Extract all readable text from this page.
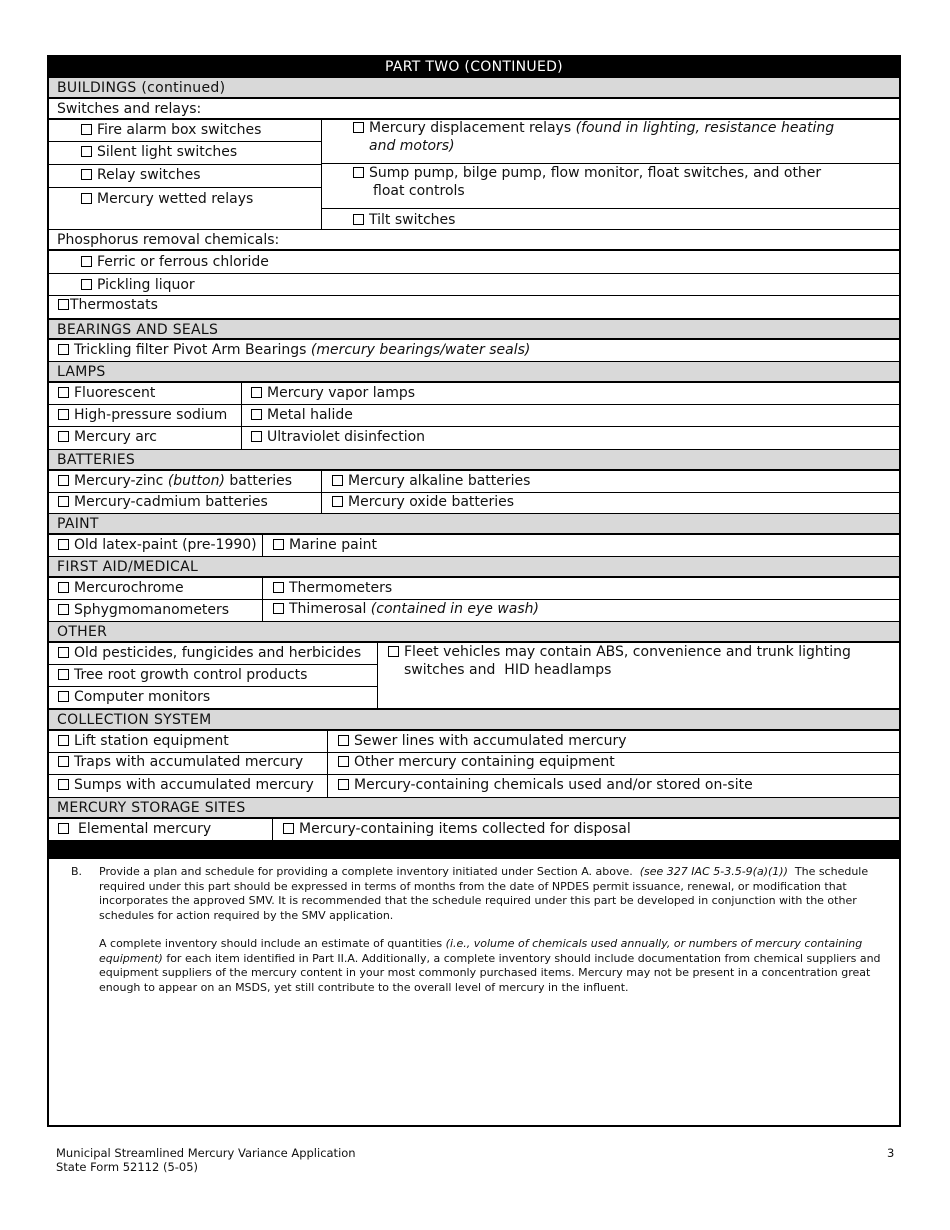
PART TWO (CONTINUED)
BUILDINGS (continued)
Switches and relays:
Fire alarm box switches
Silent light switches
Relay switches
Mercury wetted relays
Mercury displacement relays (found in lighting, resistance heating
and motors)
Sump pump, bilge pump, flow monitor, float switches, and other
float controls
Tilt switches
Phosphorus removal chemicals:
Ferric or ferrous chloride
Pickling liquor
Thermostats
BEARINGS AND SEALS
Trickling filter Pivot Arm Bearings (mercury bearings/water seals)
LAMPS
Fluorescent
High-pressure sodium
Mercury arc
Mercury vapor lamps
Metal halide
Ultraviolet disinfection
BATTERIES
Mercury-zinc (button) batteries
Mercury-cadmium batteries
Mercury alkaline batteries
Mercury oxide batteries
PAINT
Old latex-paint (pre-1990)	Marine paint
FIRST AID/MEDICAL
Mercurochrome
Sphygmomanometers
Thermometers
Thimerosal (contained in eye wash)
OTHER
Old pesticides, fungicides and herbicides
Tree root growth control products
Computer monitors
Fleet vehicles may contain ABS, convenience and trunk lighting
switches and  HID headlamps
COLLECTION SYSTEM
Lift station equipment
Traps with accumulated mercury
Sumps with accumulated mercury
Sewer lines with accumulated mercury
Other mercury containing equipment
Mercury-containing chemicals used and/or stored on-site
MERCURY STORAGE SITES
Elemental mercury	Mercury-containing items collected for disposal
B. Provide a plan and schedule for providing a complete inventory initiated under Section A. above. (see 327 IAC 5-3.5-9(a)(1)) The schedule required under this part should be expressed in terms of months from the date of NPDES permit issuance, renewal, or modification that incorporates the approved SMV. It is recommended that the schedule required under this part be developed in conjunction with the other schedules for action required by the SMV application.

A complete inventory should include an estimate of quantities (i.e., volume of chemicals used annually, or numbers of mercury containing equipment) for each item identified in Part II.A. Additionally, a complete inventory should include documentation from chemical suppliers and equipment suppliers of the mercury content in your most commonly purchased items. Mercury may not be present in a concentration great enough to appear on an MSDS, yet still contribute to the overall level of mercury in the influent.

Municipal Streamlined Mercury Variance Application
State Form 52112 (5-05)
3
